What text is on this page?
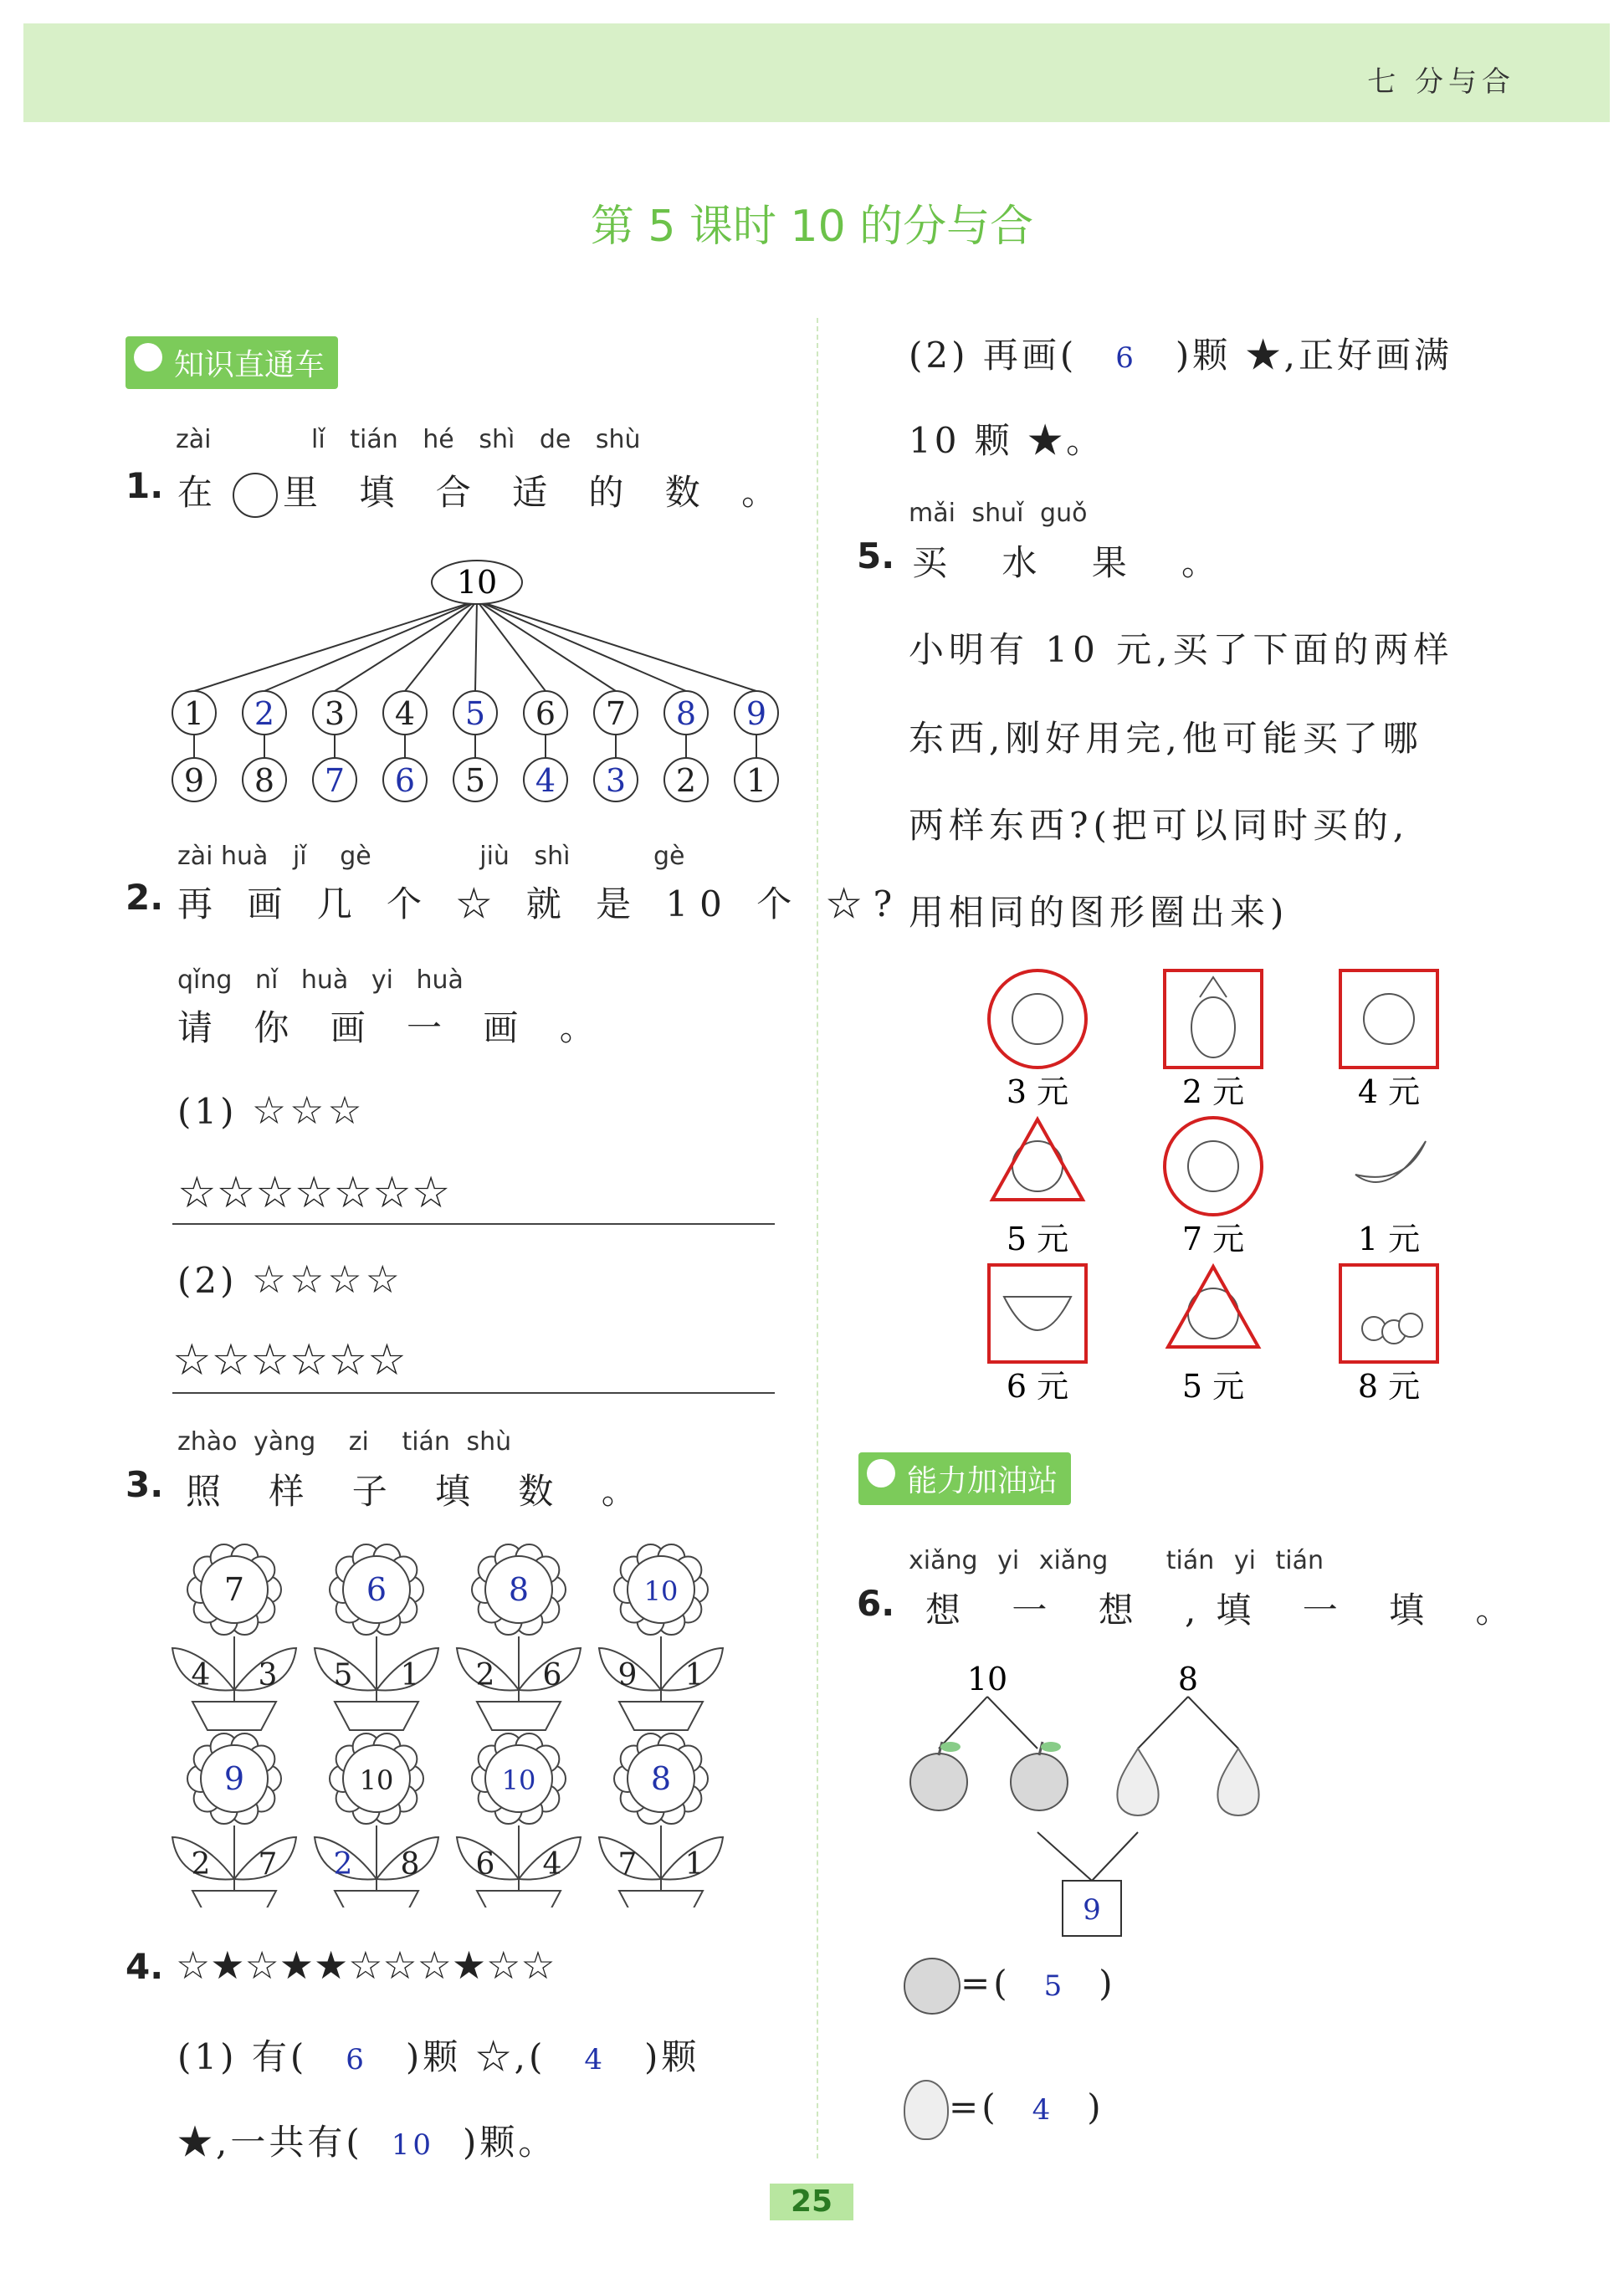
七 分与合
第 5 课时 10 的分与合
知识直通车
zài	lǐ tián hé shì de shù
1. 在 里 填 合 适 的 数 。
10
1
9
2
8
3
7
4
6
5
5
6
4
7
3
8
2
9
1
zài huà jǐ gè	jiù shì	gè
2. 再 画 几 个 ☆ 就 是 10 个 ☆?
qǐng nǐ huà yi huà
请 你 画 一 画 。
(1) ☆☆☆
☆☆☆☆☆☆☆
(2) ☆☆☆☆
☆☆☆☆☆☆
zhào yàng zi tián shù
3. 照 样 子 填 数 。
7
4 3
6
5 1
8
2 6
10
9 1
9
2 7
10
2 8
10
6 4
8
7 1
4. ☆★☆★★☆☆☆★☆☆
(1) 有( 6 )颗 ☆,( 4 )颗
★,一共有( 10 )颗。
(2) 再画( 6 )颗 ★,正好画满
10 颗 ★。
mǎi shuǐ guǒ
5. 买 水 果 。
小明有 10 元,买了下面的两样
东西,刚好用完,他可能买了哪
两样东西?(把可以同时买的,
用相同的图形圈出来)
3 元	2 元	4 元
5 元	7 元	1 元
6 元	5 元	8 元
能力加油站
xiǎng yi xiǎng tián yi tián
6. 想 一 想 ,填 一 填 。
10	8
9
=( 5 )
=( 4 )
25
